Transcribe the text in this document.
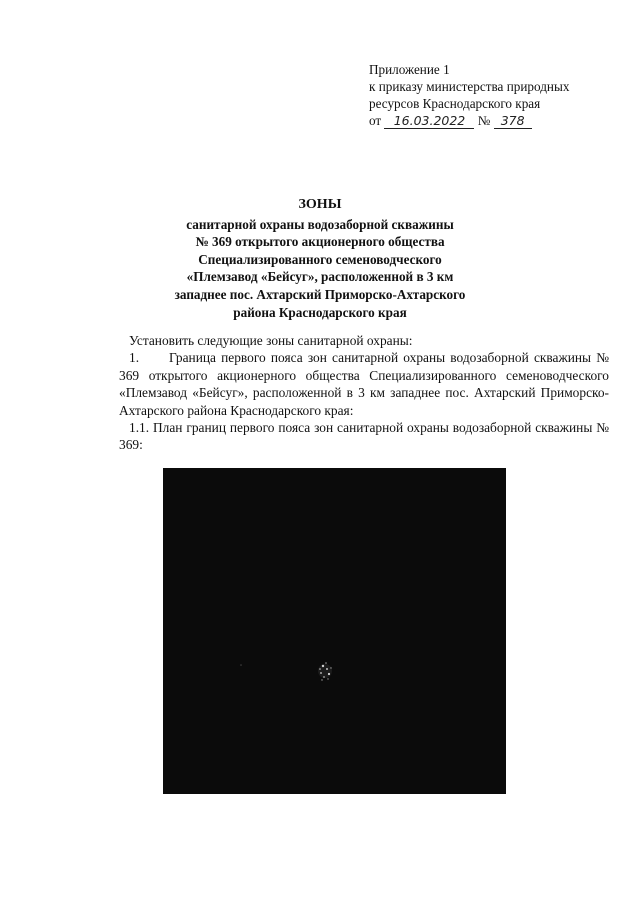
Приложение 1
к приказу министерства природных
ресурсов Краснодарского края
от 16.03.2022 № 378
ЗОНЫ
санитарной охраны водозаборной скважины
№ 369 открытого акционерного общества
Специализированного семеноводческого
«Племзавод «Бейсуг», расположенной в 3 км
западнее пос. Ахтарский Приморско-Ахтарского
района Краснодарского края

Установить следующие зоны санитарной охраны:

1. Граница первого пояса зон санитарной охраны водозаборной скважины № 369 открытого акционерного общества Специализированного семеноводческого «Племзавод «Бейсуг», расположенной в 3 км западнее пос. Ахтарский Приморско-Ахтарского района Краснодарского края:

1.1. План границ первого пояса зон санитарной охраны водозаборной скважины № 369:
